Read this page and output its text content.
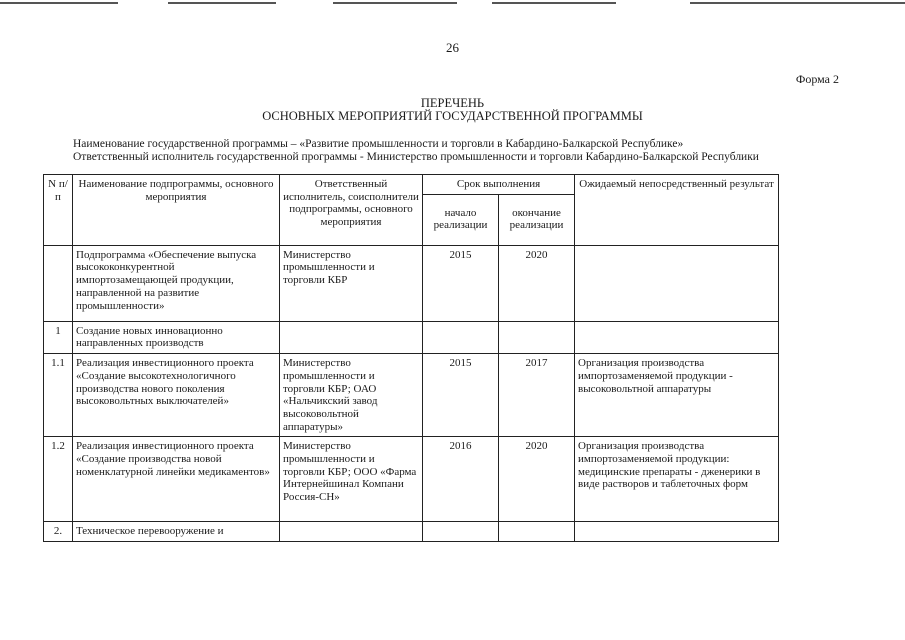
26
Форма 2
ПЕРЕЧЕНЬ
ОСНОВНЫХ МЕРОПРИЯТИЙ ГОСУДАРСТВЕННОЙ ПРОГРАММЫ
Наименование государственной программы – «Развитие промышленности и торговли в Кабардино-Балкарской Республике»
Ответственный исполнитель государственной программы - Министерство промышленности и торговли Кабардино-Балкарской Республики
N п/п	Наименование подпрограммы, основного мероприятия	Ответственный исполнитель, соисполнители подпрограммы, основного мероприятия	Срок выполнения		Ожидаемый непосредственный результат
			начало реализации	окончание реализации	
	Подпрограмма «Обеспечение выпуска высококонкурентной импортозамещающей продукции, направленной на развитие промышленности»	Министерство промышленности и торговли КБР	2015	2020	
1	Создание новых инновационно направленных производств				
1.1	Реализация инвестиционного проекта «Создание высокотехнологичного производства нового поколения высоковольтных выключателей»	Министерство промышленности и торговли КБР; ОАО «Нальчикский завод высоковольтной аппаратуры»	2015	2017	Организация производства импортозаменяемой продукции - высоковольтной аппаратуры
1.2	Реализация инвестиционного проекта «Создание производства новой номенклатурной линейки медикаментов»	Министерство промышленности и торговли КБР; ООО «Фарма Интернейшинал Компани Россия-СН»	2016	2020	Организация производства импортозаменяемой продукции: медицинские препараты - дженерики в виде растворов и таблеточных форм
2.	Техническое перевооружение и				
